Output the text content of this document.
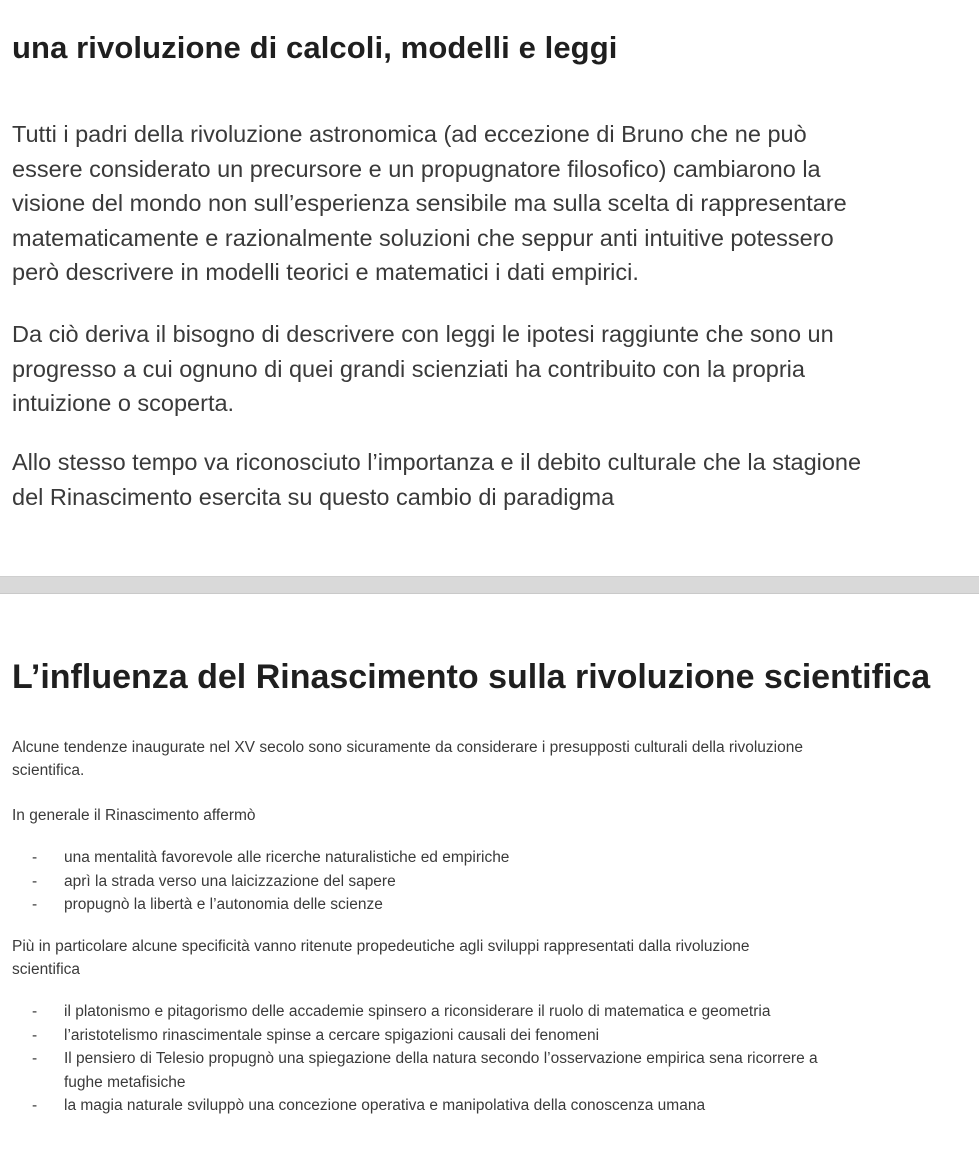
una rivoluzione di calcoli, modelli e leggi

Tutti i padri della rivoluzione astronomica (ad eccezione di Bruno che ne può
essere considerato un precursore e un propugnatore filosofico) cambiarono la
visione del mondo non sull’esperienza sensibile ma sulla scelta di rappresentare
matematicamente e razionalmente soluzioni che seppur anti intuitive potessero
però descrivere in modelli teorici e matematici i dati empirici.

Da ciò deriva il bisogno di descrivere con leggi le ipotesi raggiunte che sono un
progresso a cui ognuno di quei grandi scienziati ha contribuito con la propria
intuizione o scoperta.

Allo stesso tempo va riconosciuto l’importanza e il debito culturale che la stagione
del Rinascimento esercita su questo cambio di paradigma

L’influenza del Rinascimento sulla rivoluzione scientifica

Alcune tendenze inaugurate nel XV secolo sono sicuramente da considerare i presupposti culturali della rivoluzione
scientifica.

In generale il Rinascimento affermò

- una mentalità favorevole alle ricerche naturalistiche ed empiriche
- aprì la strada verso una laicizzazione del sapere
- propugnò la libertà e l’autonomia delle scienze

Più in particolare alcune specificità vanno ritenute propedeutiche agli sviluppi rappresentati dalla rivoluzione
scientifica

- il platonismo e pitagorismo delle accademie spinsero a riconsiderare il ruolo di matematica e geometria
- l’aristotelismo rinascimentale spinse a cercare spigazioni causali dei fenomeni
- Il pensiero di Telesio propugnò una spiegazione della natura secondo l’osservazione empirica sena ricorrere a
fughe metafisiche
- la magia naturale sviluppò una concezione operativa e manipolativa della conoscenza umana
